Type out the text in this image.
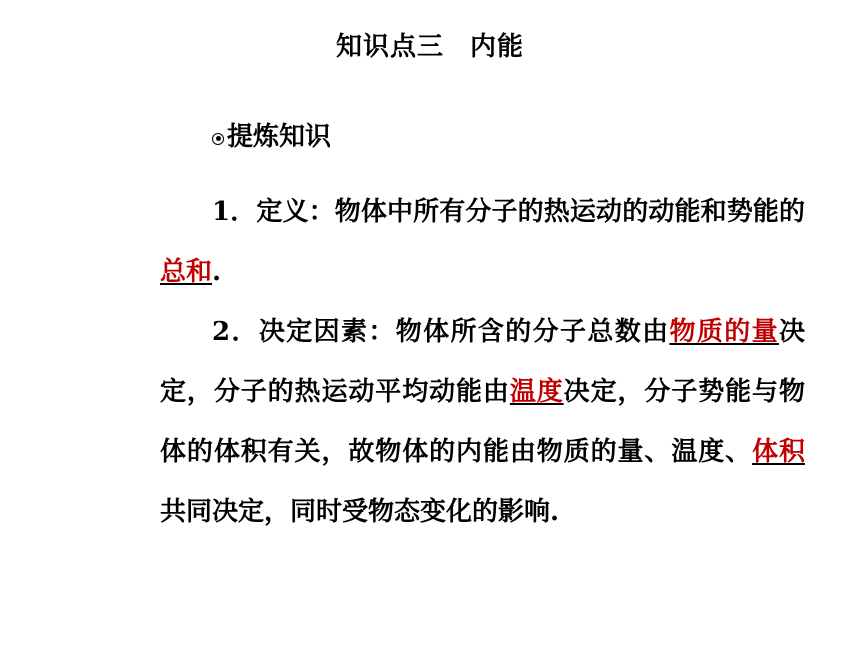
知识点三 内能
提炼知识

1．定义：物体中所有分子的热运动的动能和势能的总和.

2．决定因素：物体所含的分子总数由物质的量决定，分子的热运动平均动能由温度决定，分子势能与物体的体积有关，故物体的内能由物质的量、温度、体积共同决定，同时受物态变化的影响.
